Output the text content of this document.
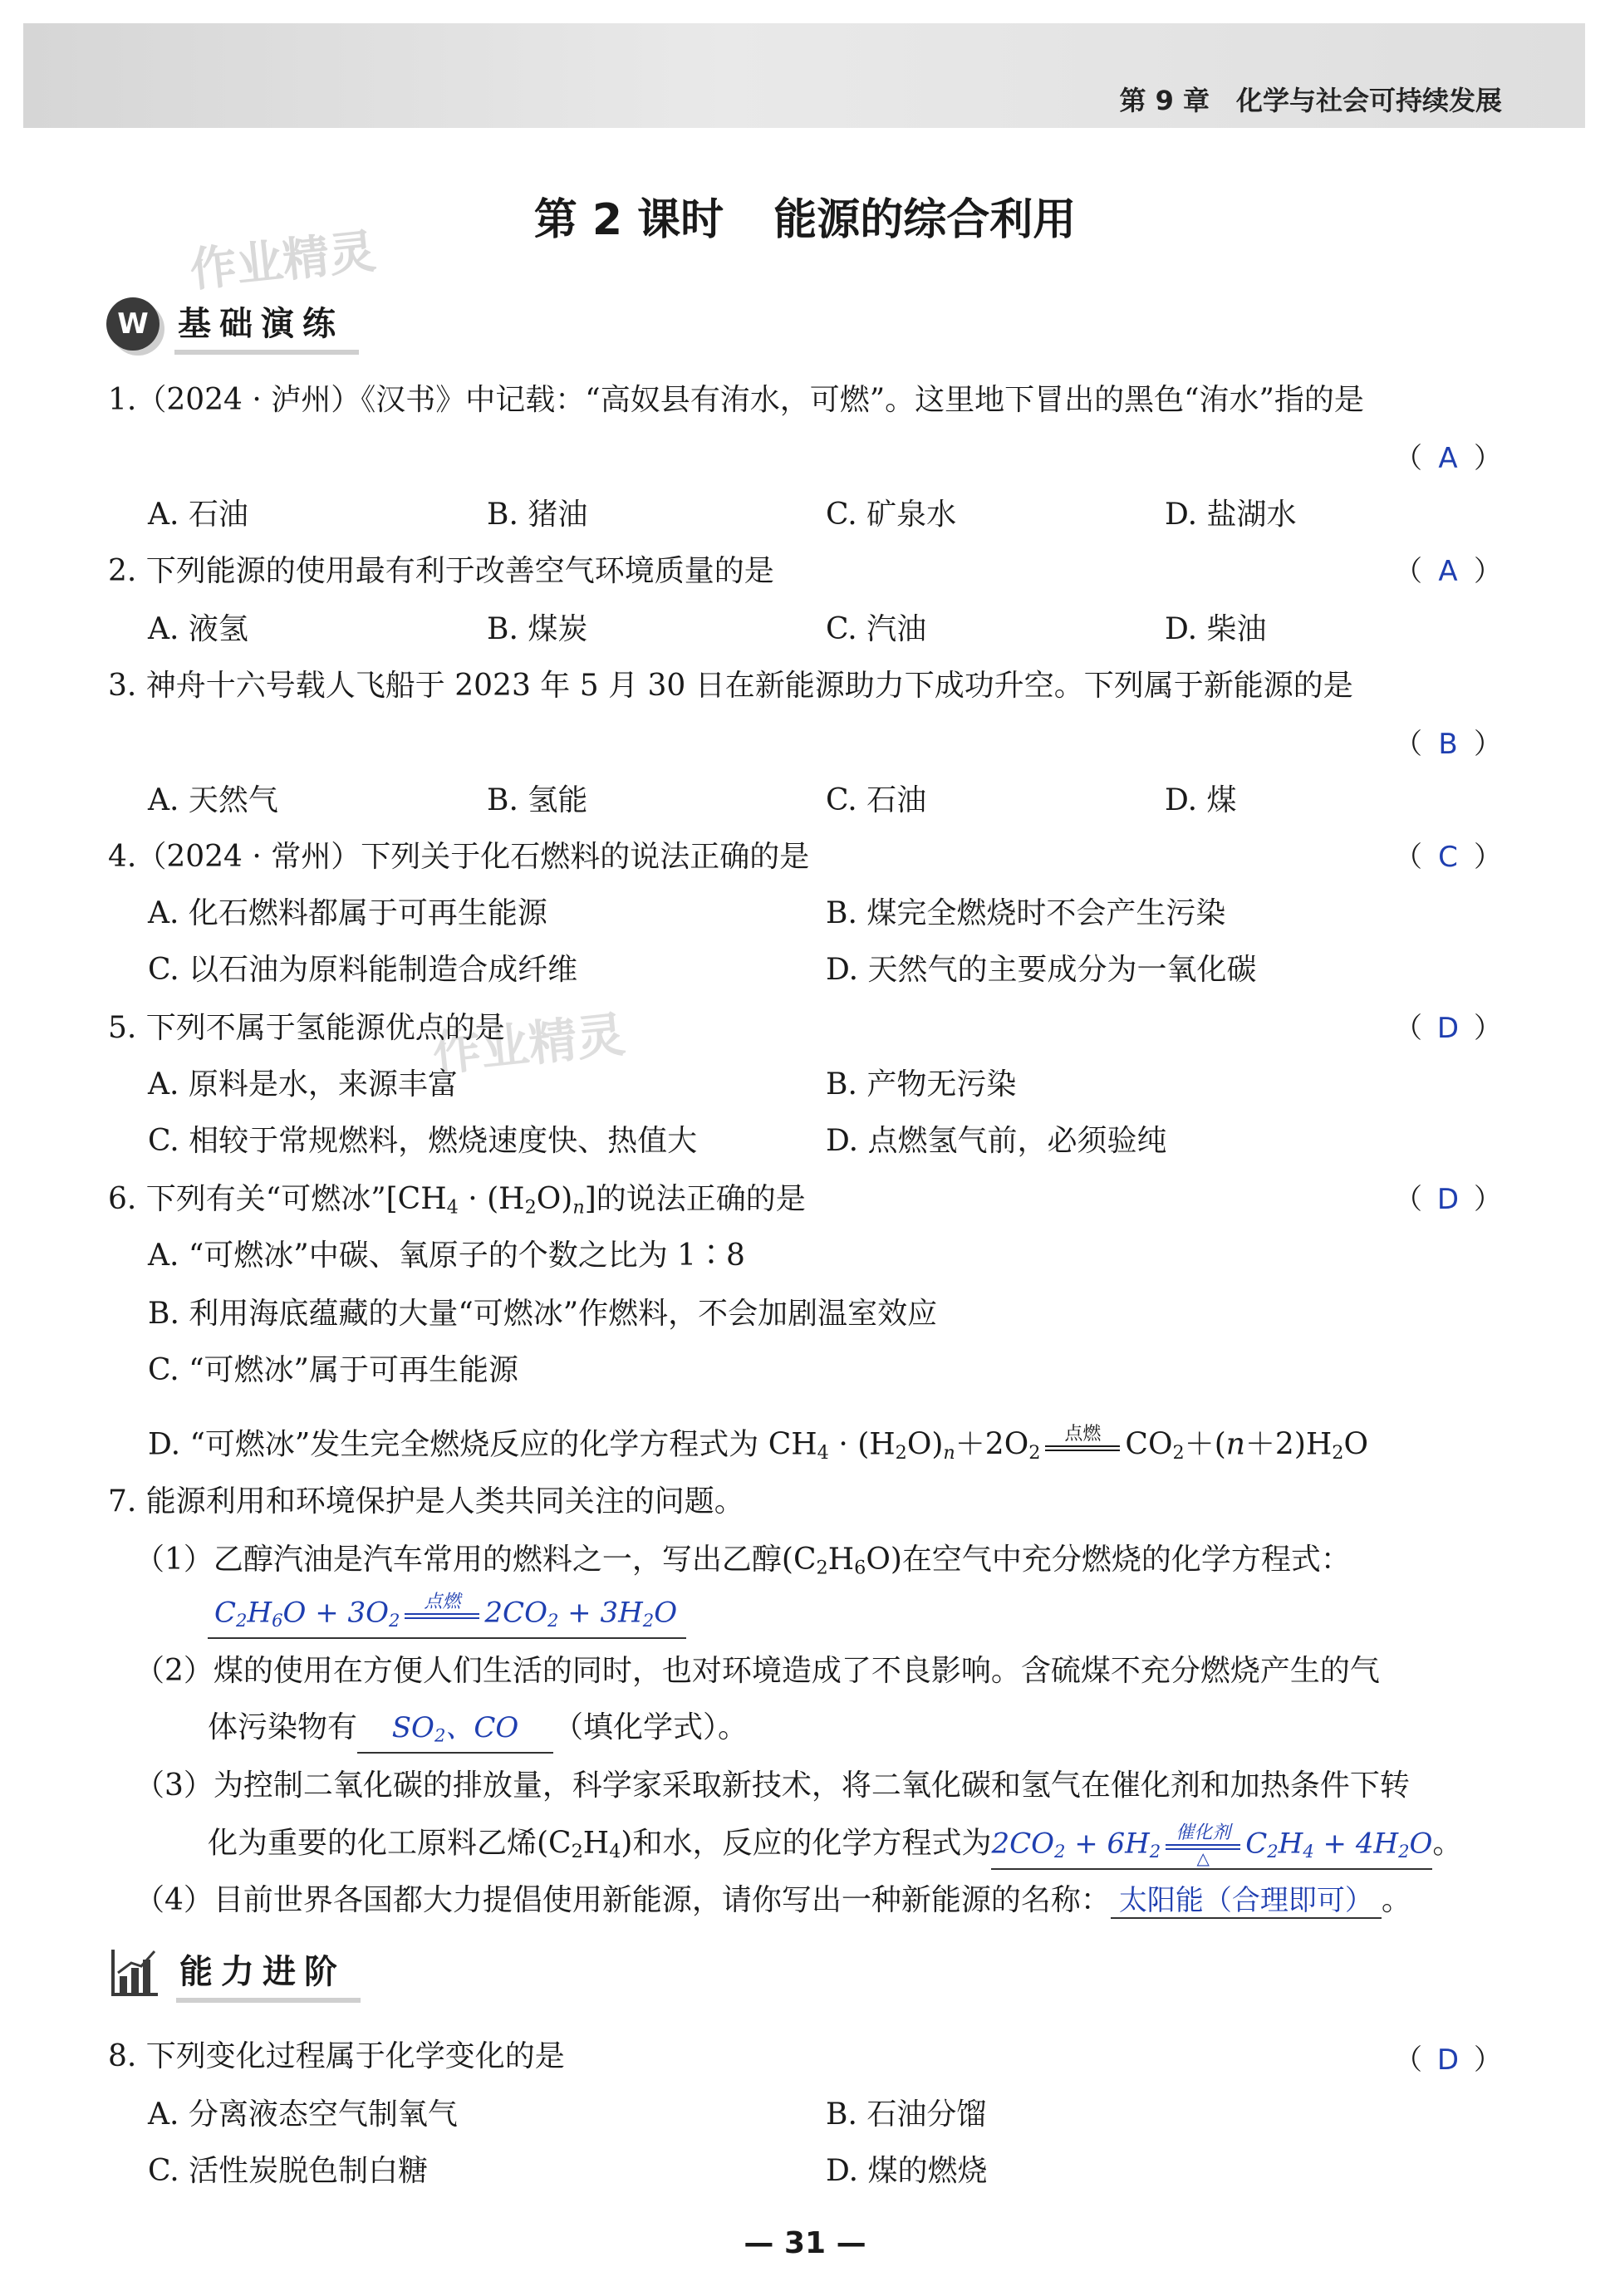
第 9 章　化学与社会可持续发展
第 2 课时 能源的综合利用
作业精灵
作业精灵
W 基础演练
1.（2024 · 泸州）《汉书》中记载：“高奴县有洧水，可燃”。这里地下冒出的黑色“洧水”指的是
（ A ）
A. 石油	B. 猪油	C. 矿泉水	D. 盐湖水
2. 下列能源的使用最有利于改善空气环境质量的是	（ A ）
A. 液氢	B. 煤炭	C. 汽油	D. 柴油
3. 神舟十六号载人飞船于 2023 年 5 月 30 日在新能源助力下成功升空。下列属于新能源的是
（ B ）
A. 天然气	B. 氢能	C. 石油	D. 煤
4.（2024 · 常州）下列关于化石燃料的说法正确的是	（ C ）
A. 化石燃料都属于可再生能源	B. 煤完全燃烧时不会产生污染
C. 以石油为原料能制造合成纤维	D. 天然气的主要成分为一氧化碳
5. 下列不属于氢能源优点的是	（ D ）
A. 原料是水，来源丰富	B. 产物无污染
C. 相较于常规燃料，燃烧速度快、热值大	D. 点燃氢气前，必须验纯
6. 下列有关“可燃冰$”[CH_4 \cdot (H_2O)_n]$的说法正确的是	（ D ）
A. “可燃冰”中碳、氧原子的个数之比为 1∶8
B. 利用海底蕴藏的大量“可燃冰”作燃料，不会加剧温室效应
C. “可燃冰”属于可再生能源
D. “可燃冰”发生完全燃烧反应的化学方程式为 $CH_4 \cdot (H_2O)_n+2O_2$
点燃 $CO_2+(n+2)H_2O$
7. 能源利用和环境保护是人类共同关注的问题。
（1）乙醇汽油是汽车常用的燃料之一，写出乙醇$(C_2H_6O)$在空气中充分燃烧的化学方程式：
$C_2H_6O + 3O_2$
点燃 $2CO_2 + 3H_2O$
（2）煤的使用在方便人们生活的同时，也对环境造成了不良影响。含硫煤不充分燃烧产生的气
体污染物有 $SO_2$、CO （填化学式）。
（3）为控制二氧化碳的排放量，科学家采取新技术，将二氧化碳和氢气在催化剂和加热条件下转
化为重要的化工原料乙烯$(C_2H_4)$和水，反应的化学方程式为$2CO_2 + 6H_2$
催化剂
△ $C_2H_4 + 4H_2O$。
（4）目前世界各国都大力提倡使用新能源，请你写出一种新能源的名称： 太阳能（合理即可） 。
能力进阶
8. 下列变化过程属于化学变化的是	（ D ）
A. 分离液态空气制氧气	B. 石油分馏
C. 活性炭脱色制白糖	D. 煤的燃烧
— 31 —
